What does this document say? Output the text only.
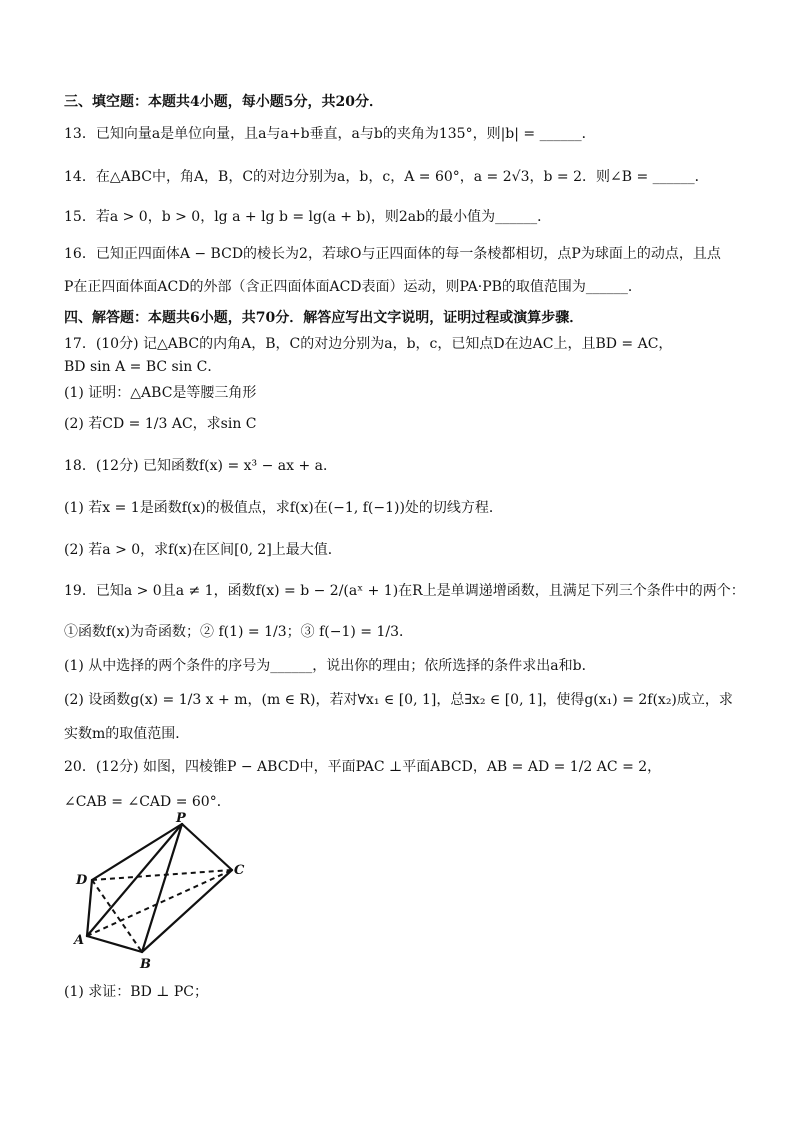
三、填空题：本题共4小题，每小题5分，共20分．
13．已知向量a是单位向量，且a与a+b垂直，a与b的夹角为135°，则|b| = ______．
14．在△ABC中，角A，B，C的对边分别为a，b，c，A = 60°，a = 2√3，b = 2．则∠B = ______．
15．若a > 0，b > 0，lg a + lg b = lg(a + b)，则2ab的最小值为______．
16．已知正四面体A − BCD的棱长为2，若球O与正四面体的每一条棱都相切，点P为球面上的动点，且点
P在正四面体面ACD的外部（含正四面体面ACD表面）运动，则PA·PB的取值范围为______．
四、解答题：本题共6小题，共70分．解答应写出文字说明，证明过程或演算步骤．
17．(10分) 记△ABC的内角A，B，C的对边分别为a，b，c，已知点D在边AC上，且BD = AC，
BD sin A = BC sin C．
(1) 证明：△ABC是等腰三角形
(2) 若CD = 1/3 AC，求sin C
18．(12分) 已知函数f(x) = x³ − ax + a．
(1) 若x = 1是函数f(x)的极值点，求f(x)在(−1, f(−1))处的切线方程．
(2) 若a > 0，求f(x)在区间[0, 2]上最大值．
19．已知a > 0且a ≠ 1，函数f(x) = b − 2/(aˣ + 1)在R上是单调递增函数，且满足下列三个条件中的两个：
①函数f(x)为奇函数；② f(1) = 1/3；③ f(−1) = 1/3．
(1) 从中选择的两个条件的序号为______，说出你的理由；依所选择的条件求出a和b．
(2) 设函数g(x) = 1/3 x + m，(m ∈ R)，若对∀x₁ ∈ [0, 1]，总∃x₂ ∈ [0, 1]，使得g(x₁) = 2f(x₂)成立，求
实数m的取值范围．
20．(12分) 如图，四棱锥P − ABCD中，平面PAC ⊥平面ABCD，AB = AD = 1/2 AC = 2，
∠CAB = ∠CAD = 60°．
P
D
C
A
B
(1) 求证：BD ⊥ PC；
